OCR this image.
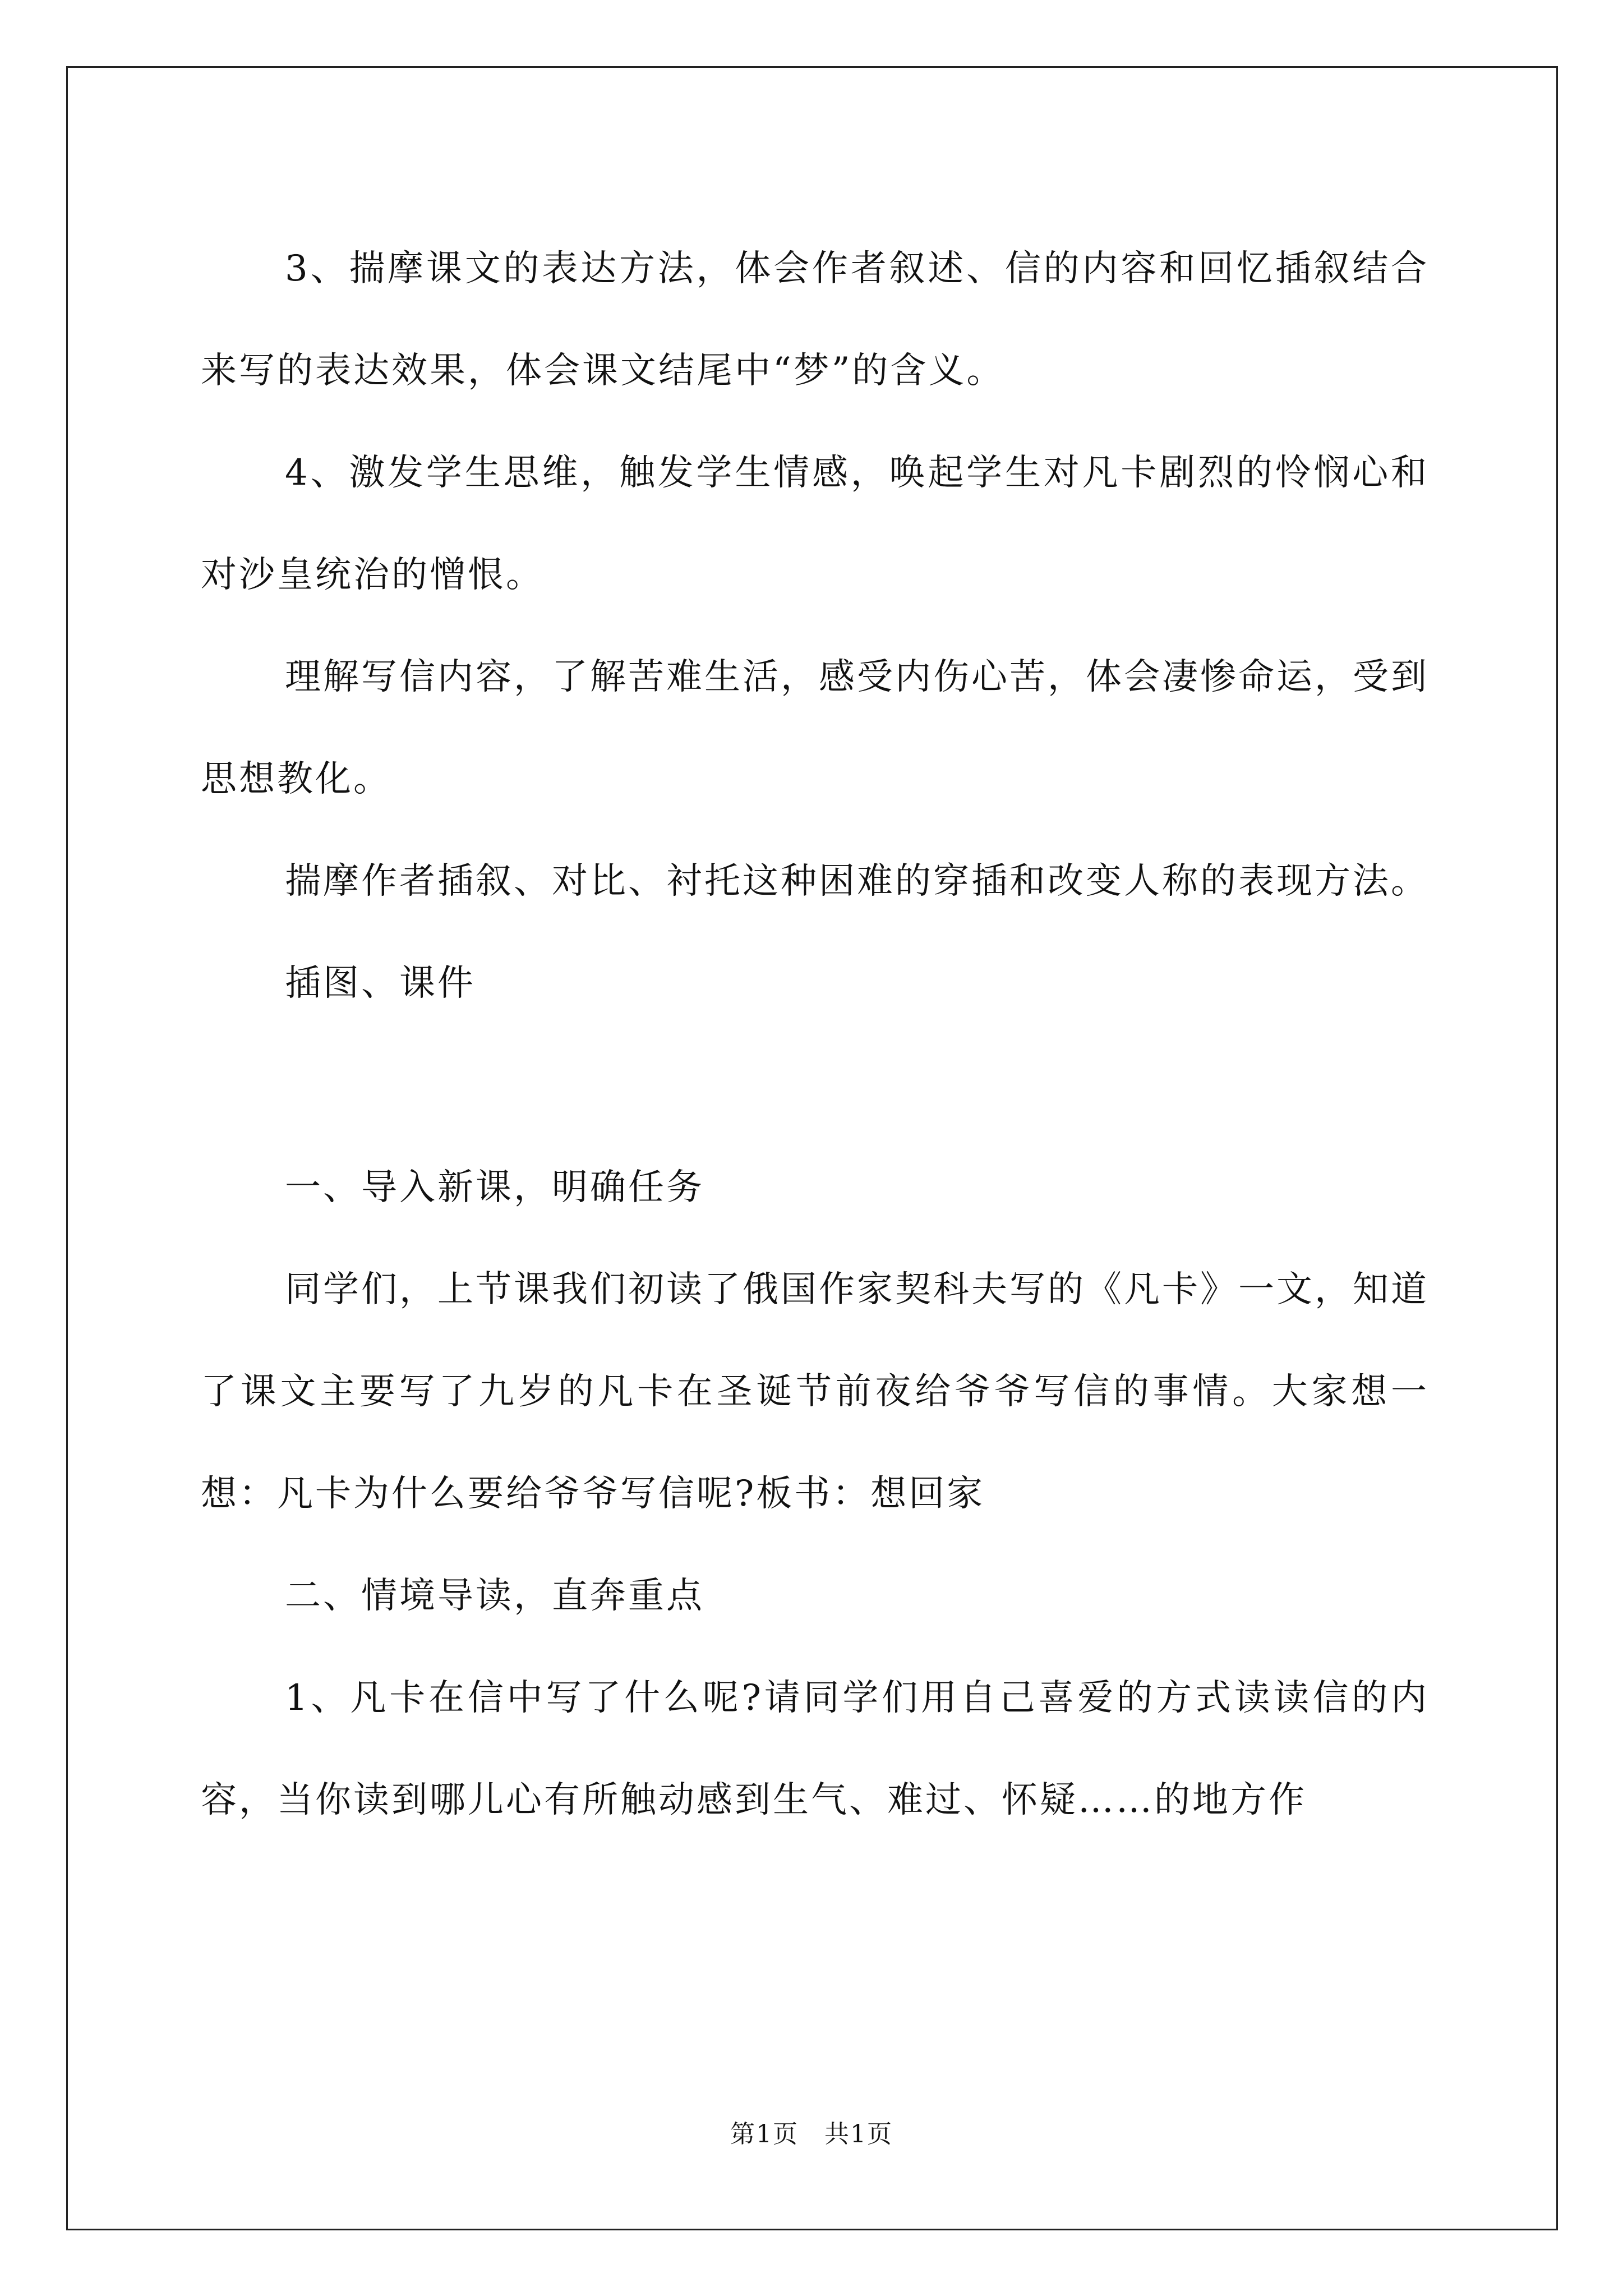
3、揣摩课文的表达方法，体会作者叙述、信的内容和回忆插叙结合来写的表达效果，体会课文结尾中“梦”的含义。

4、激发学生思维，触发学生情感，唤起学生对凡卡剧烈的怜悯心和对沙皇统治的憎恨。

理解写信内容，了解苦难生活，感受内伤心苦，体会凄惨命运，受到思想教化。

揣摩作者插叙、对比、衬托这种困难的穿插和改变人称的表现方法。

插图、课件

一、导入新课，明确任务

同学们，上节课我们初读了俄国作家契科夫写的《凡卡》一文，知道了课文主要写了九岁的凡卡在圣诞节前夜给爷爷写信的事情。大家想一想：凡卡为什么要给爷爷写信呢?板书：想回家

二、情境导读，直奔重点

1、凡卡在信中写了什么呢?请同学们用自己喜爱的方式读读信的内容，当你读到哪儿心有所触动感到生气、难过、怀疑……的地方作

第1页　共1页
